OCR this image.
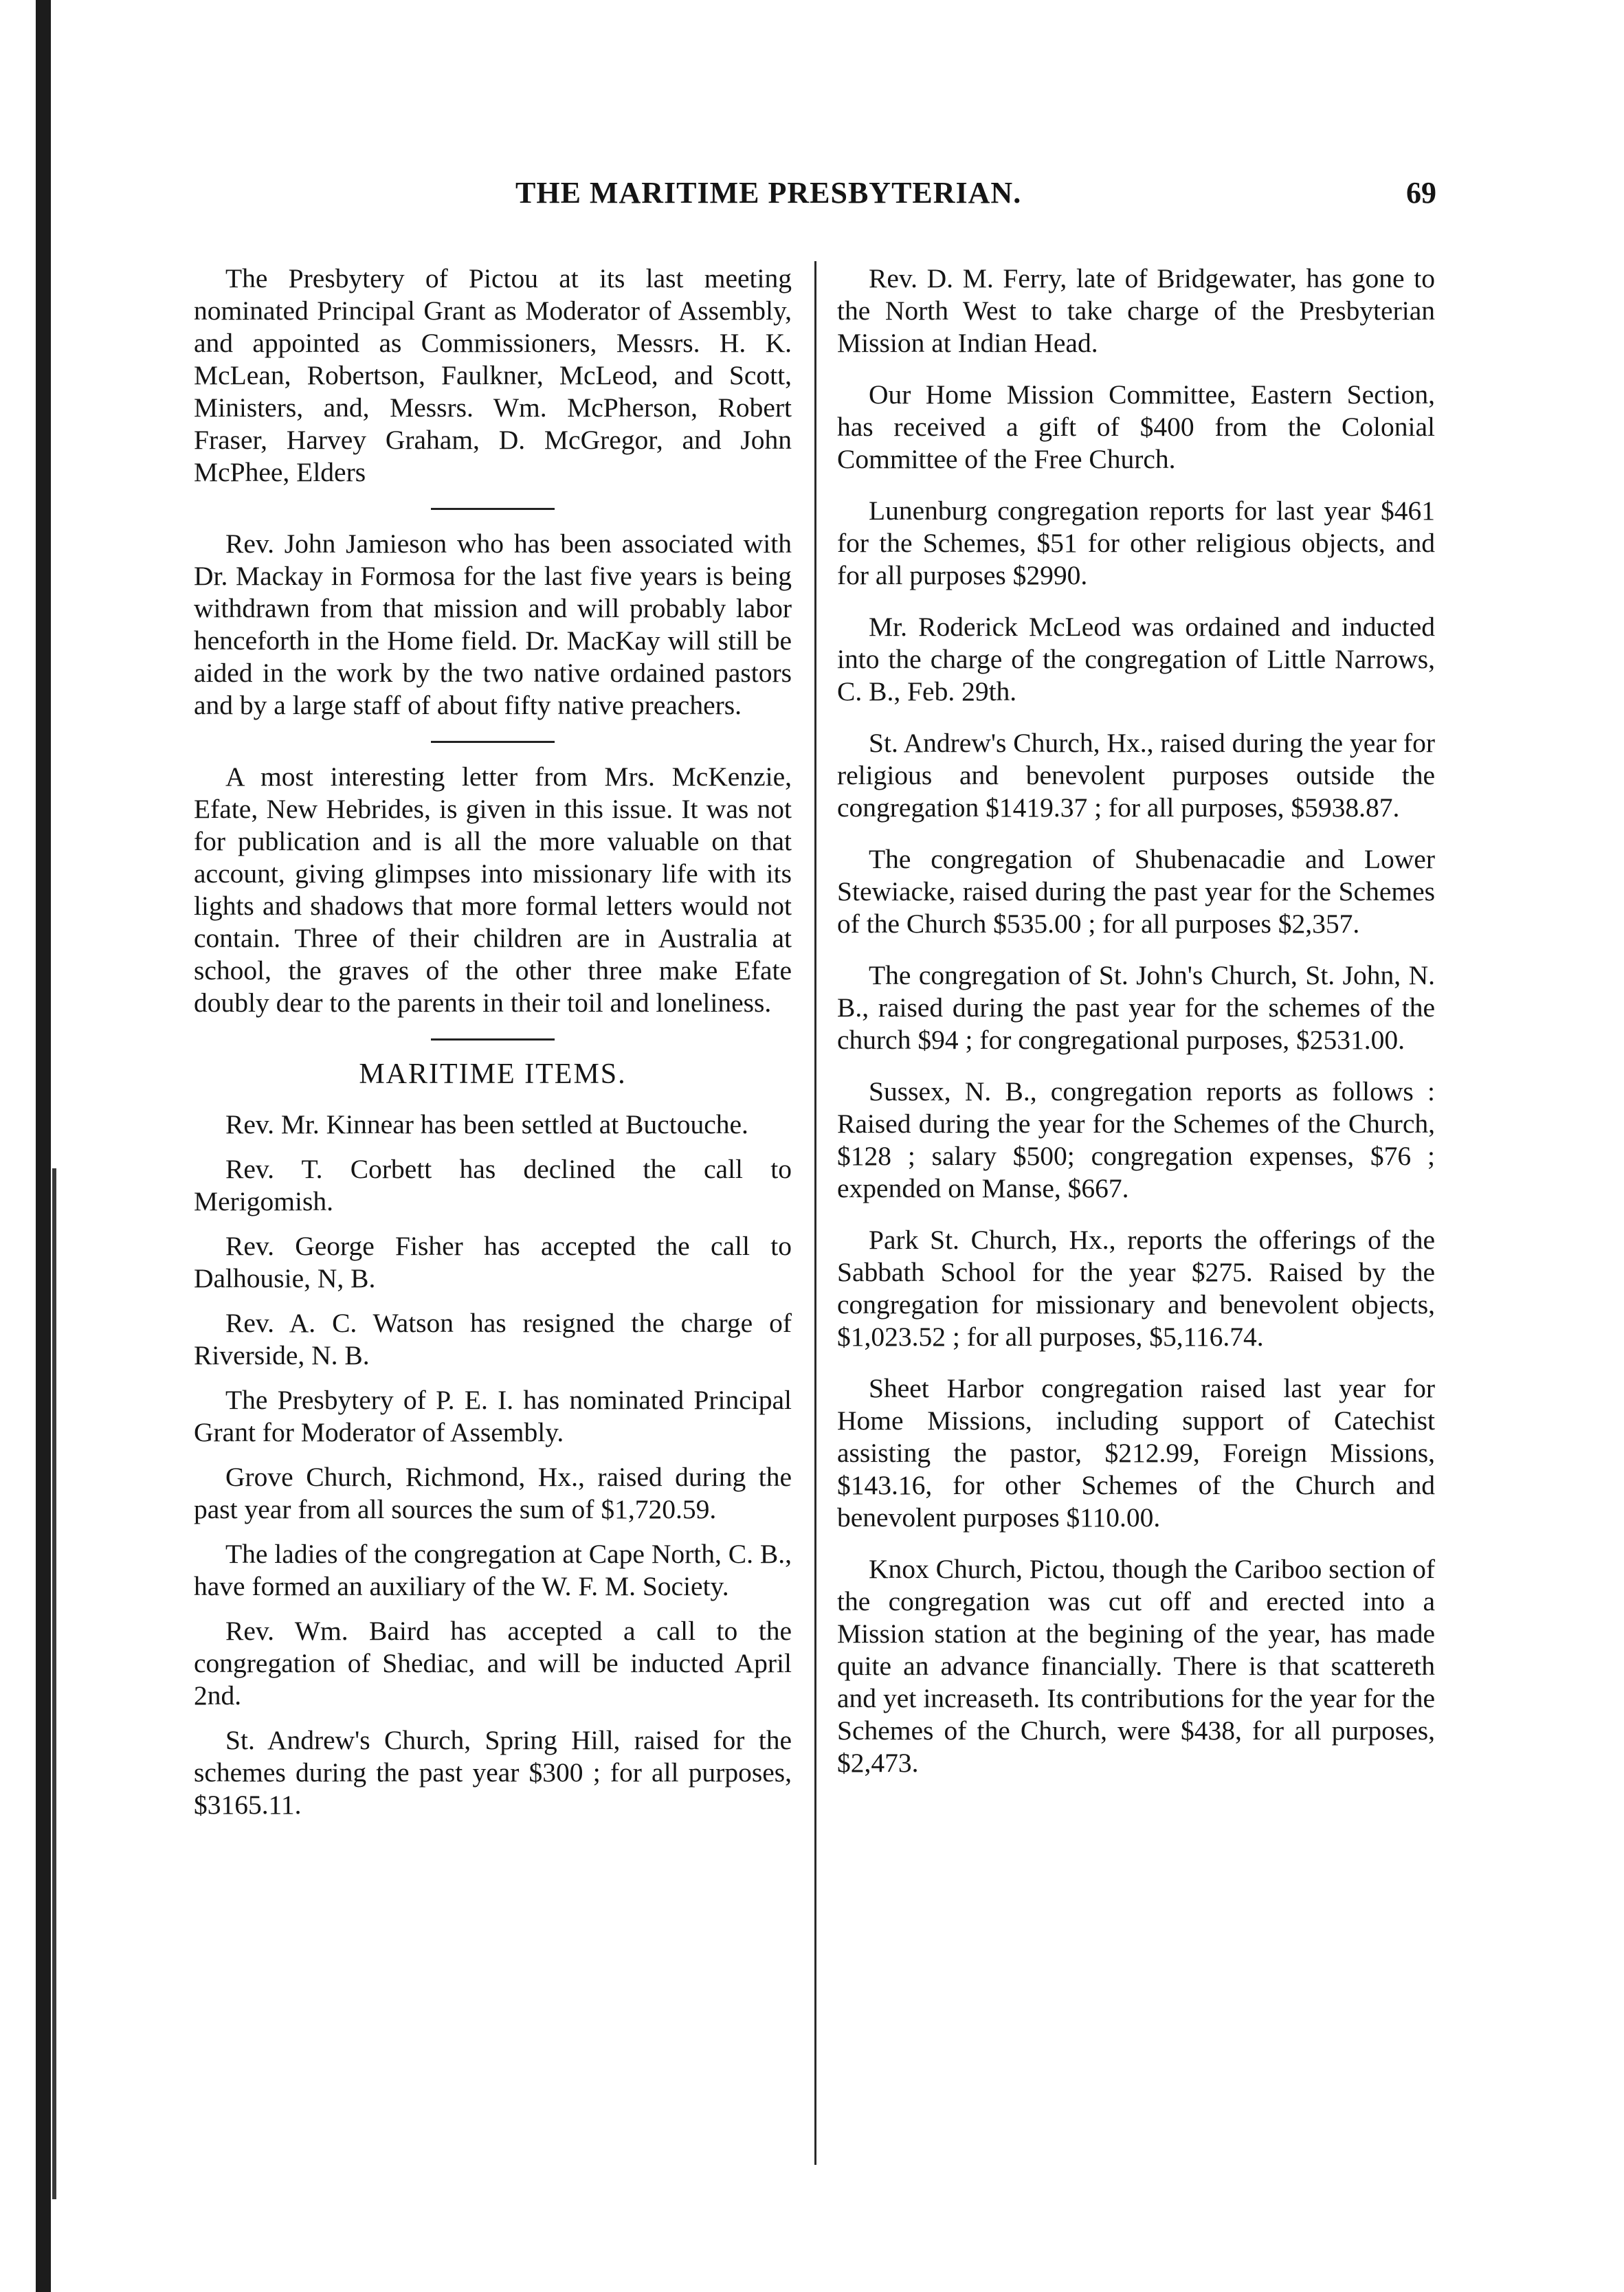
THE MARITIME PRESBYTERIAN.	69

The Presbytery of Pictou at its last meeting nominated Principal Grant as Moderator of Assembly, and appointed as Commissioners, Messrs. H. K. McLean, Robertson, Faulkner, McLeod, and Scott, Ministers, and, Messrs. Wm. McPherson, Robert Fraser, Harvey Graham, D. McGregor, and John McPhee, Elders

Rev. John Jamieson who has been associated with Dr. Mackay in Formosa for the last five years is being withdrawn from that mission and will probably labor henceforth in the Home field. Dr. MacKay will still be aided in the work by the two native ordained pastors and by a large staff of about fifty native preachers.

A most interesting letter from Mrs. McKenzie, Efate, New Hebrides, is given in this issue. It was not for publication and is all the more valuable on that account, giving glimpses into missionary life with its lights and shadows that more formal letters would not contain. Three of their children are in Australia at school, the graves of the other three make Efate doubly dear to the parents in their toil and loneliness.

MARITIME ITEMS.

Rev. Mr. Kinnear has been settled at Buctouche.

Rev. T. Corbett has declined the call to Merigomish.

Rev. George Fisher has accepted the call to Dalhousie, N, B.

Rev. A. C. Watson has resigned the charge of Riverside, N. B.

The Presbytery of P. E. I. has nominated Principal Grant for Moderator of Assembly.

Grove Church, Richmond, Hx., raised during the past year from all sources the sum of $1,720.59.

The ladies of the congregation at Cape North, C. B., have formed an auxiliary of the W. F. M. Society.

Rev. Wm. Baird has accepted a call to the congregation of Shediac, and will be inducted April 2nd.

St. Andrew's Church, Spring Hill, raised for the schemes during the past year $300 ; for all purposes, $3165.11.

Rev. D. M. Ferry, late of Bridgewater, has gone to the North West to take charge of the Presbyterian Mission at Indian Head.

Our Home Mission Committee, Eastern Section, has received a gift of $400 from the Colonial Committee of the Free Church.

Lunenburg congregation reports for last year $461 for the Schemes, $51 for other religious objects, and for all purposes $2990.

Mr. Roderick McLeod was ordained and inducted into the charge of the congregation of Little Narrows, C. B., Feb. 29th.

St. Andrew's Church, Hx., raised during the year for religious and benevolent purposes outside the congregation $1419.37 ; for all purposes, $5938.87.

The congregation of Shubenacadie and Lower Stewiacke, raised during the past year for the Schemes of the Church $535.00 ; for all purposes $2,357.

The congregation of St. John's Church, St. John, N. B., raised during the past year for the schemes of the church $94 ; for congregational purposes, $2531.00.

Sussex, N. B., congregation reports as follows : Raised during the year for the Schemes of the Church, $128 ; salary $500; congregation expenses, $76 ; expended on Manse, $667.

Park St. Church, Hx., reports the offerings of the Sabbath School for the year $275. Raised by the congregation for missionary and benevolent objects, $1,023.52 ; for all purposes, $5,116.74.

Sheet Harbor congregation raised last year for Home Missions, including support of Catechist assisting the pastor, $212.99, Foreign Missions, $143.16, for other Schemes of the Church and benevolent purposes $110.00.

Knox Church, Pictou, though the Cariboo section of the congregation was cut off and erected into a Mission station at the begining of the year, has made quite an advance financially. There is that scattereth and yet increaseth. Its contributions for the year for the Schemes of the Church, were $438, for all purposes, $2,473.
